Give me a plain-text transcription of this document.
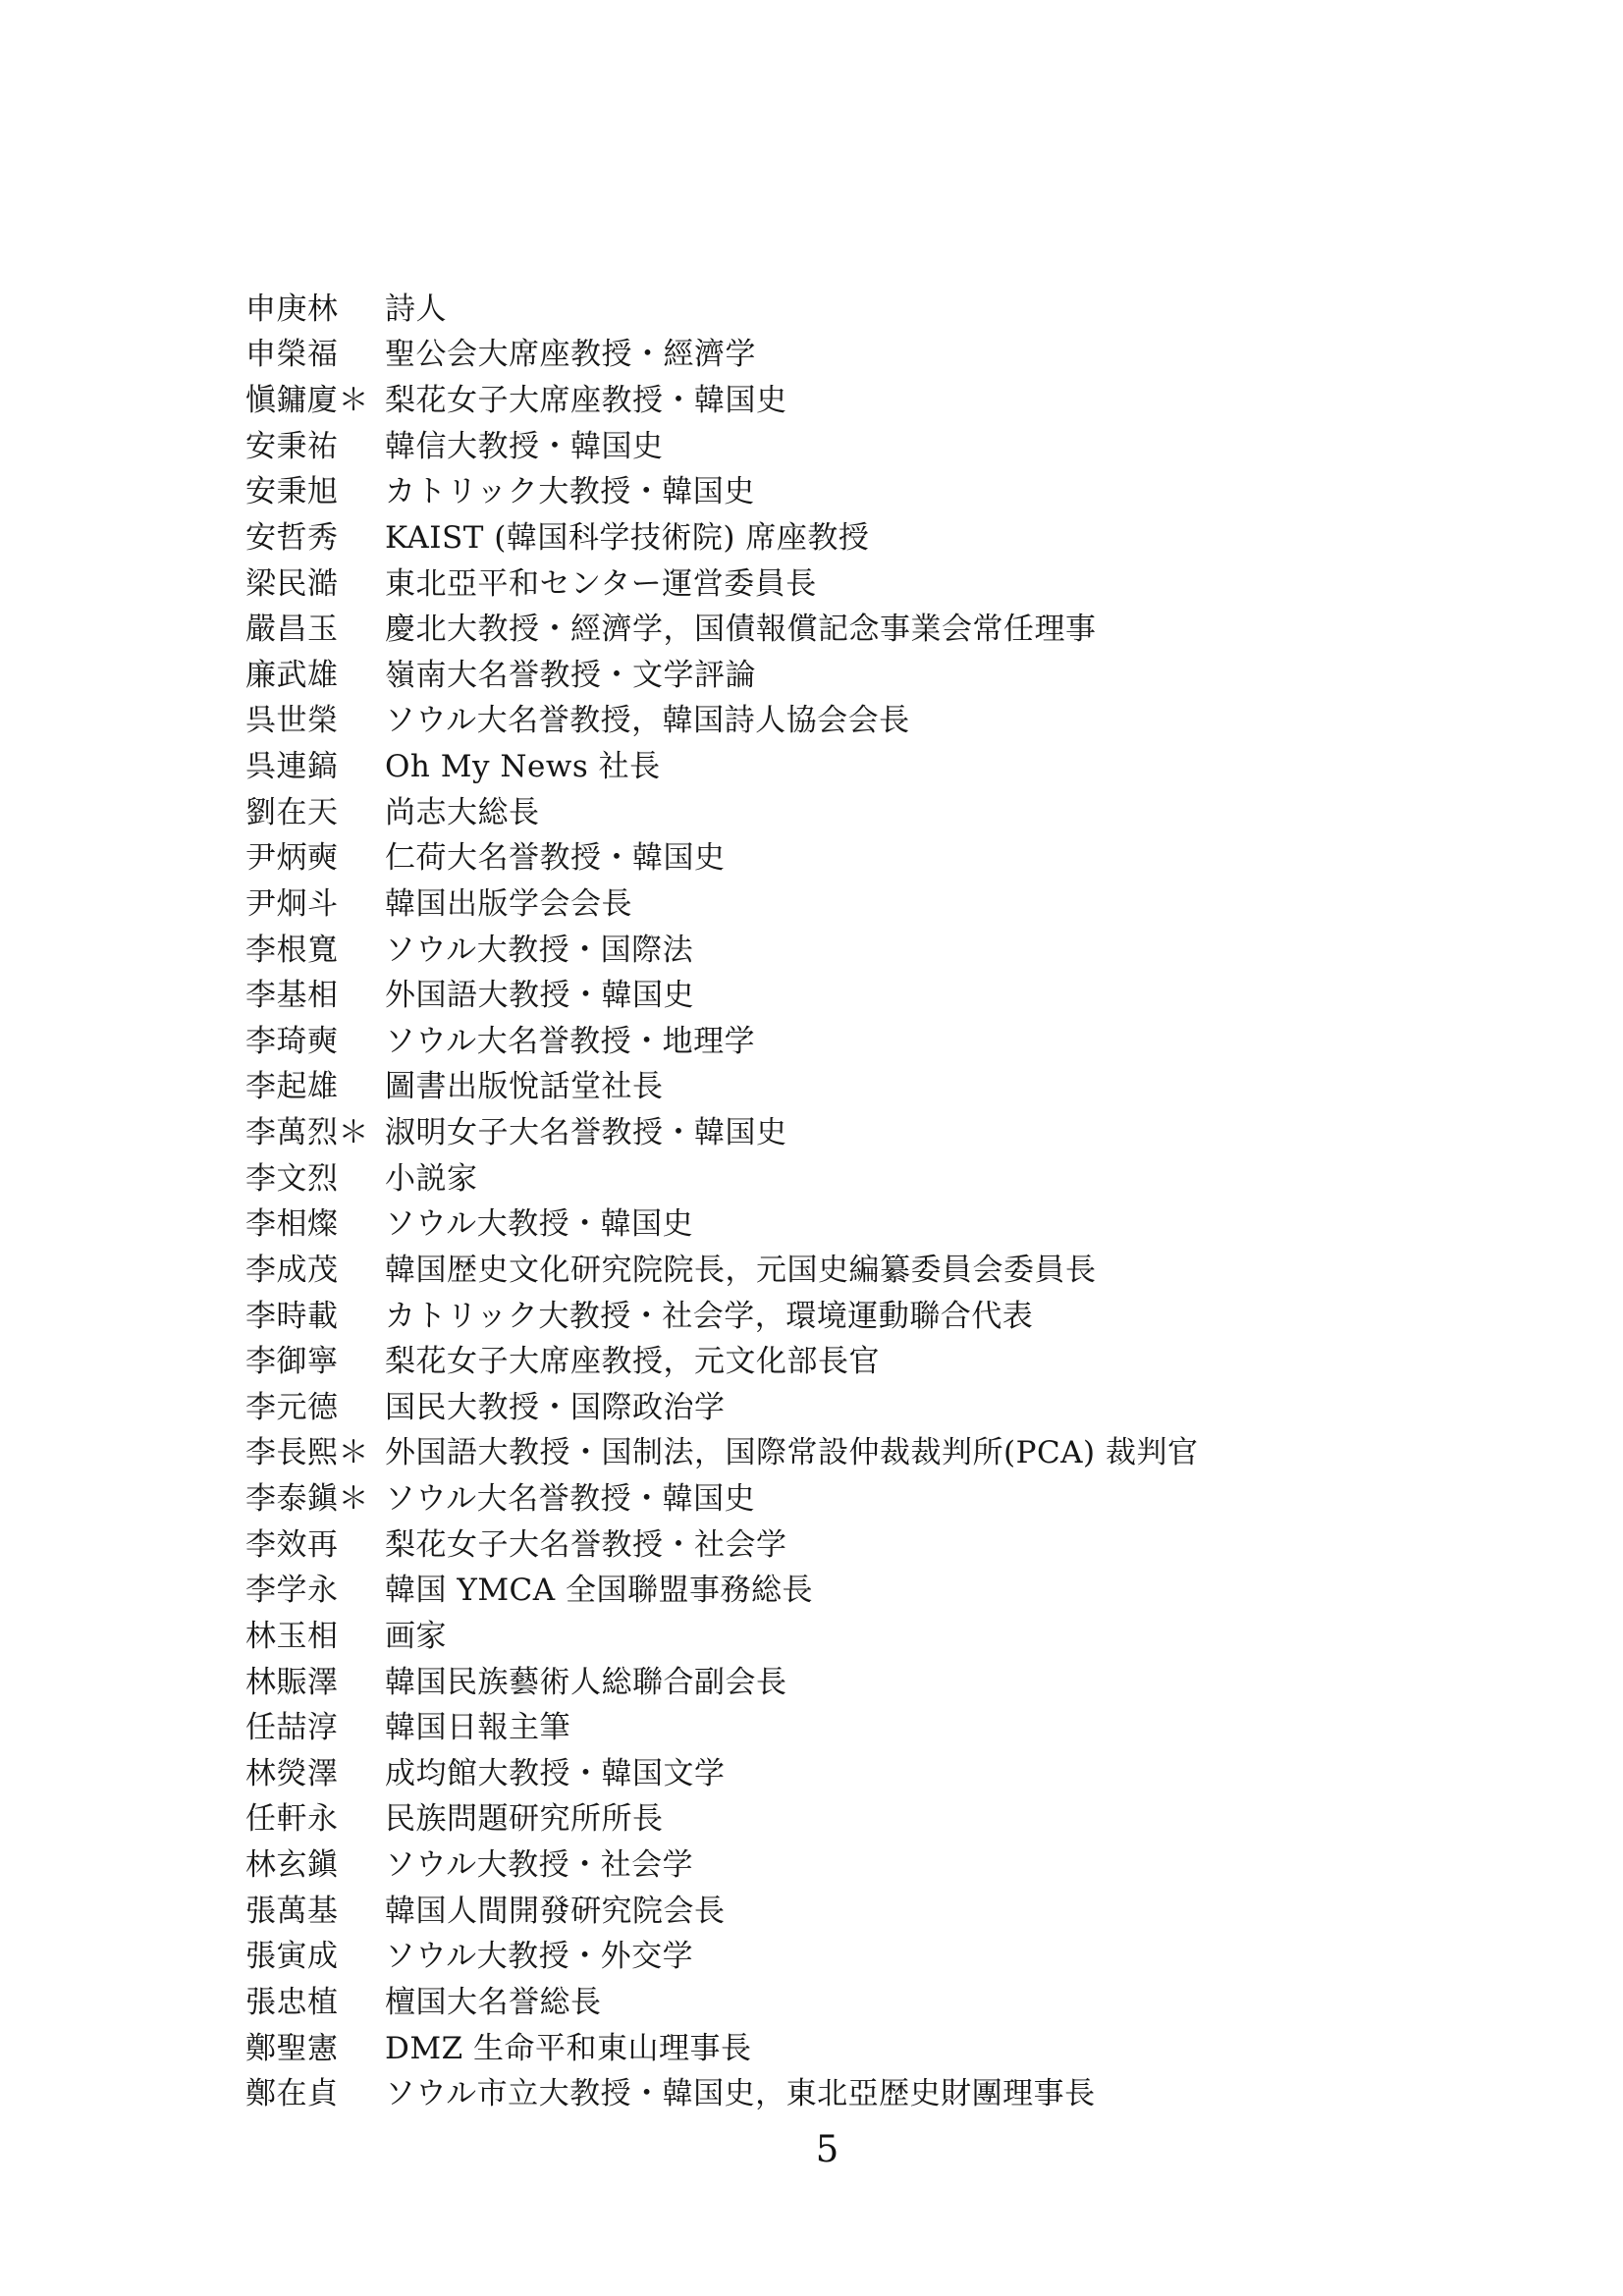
申庚林	詩人
申榮福	聖公会大席座教授・經濟学
愼鏞廈＊ 梨花女子大席座教授・韓国史
安秉祐	韓信大教授・韓国史
安秉旭	カトリック大教授・韓国史
安哲秀	KAIST (韓国科学技術院) 席座教授
梁民澔	東北亞平和センター運営委員長
嚴昌玉	慶北大教授・經濟学，国債報償記念事業会常任理事
廉武雄	嶺南大名誉教授・文学評論
呉世榮	ソウル大名誉教授，韓国詩人協会会長
呉連鎬	Oh My News 社長
劉在天	尚志大総長
尹炳奭	仁荷大名誉教授・韓国史
尹炯斗	韓国出版学会会長
李根寬	ソウル大教授・国際法
李基相	外国語大教授・韓国史
李琦奭	ソウル大名誉教授・地理学
李起雄	圖書出版悅話堂社長
李萬烈＊ 淑明女子大名誉教授・韓国史
李文烈	小説家
李相燦	ソウル大教授・韓国史
李成茂	韓国歴史文化研究院院長，元国史編纂委員会委員長
李時載	カトリック大教授・社会学，環境運動聯合代表
李御寧	梨花女子大席座教授，元文化部長官
李元德	国民大教授・国際政治学
李長熙＊ 外国語大教授・国制法，国際常設仲裁裁判所(PCA) 裁判官
李泰鎭＊ ソウル大名誉教授・韓国史
李效再	梨花女子大名誉教授・社会学
李学永	韓国 YMCA 全国聯盟事務総長
林玉相	画家
林賑澤	韓国民族藝術人総聯合副会長
任喆淳	韓国日報主筆
林熒澤	成均館大教授・韓国文学
任軒永	民族問題研究所所長
林玄鎭	ソウル大教授・社会学
張萬基	韓国人間開發硏究院会長
張寅成	ソウル大教授・外交学
張忠植	檀国大名誉総長
鄭聖憲	DMZ 生命平和東山理事長
鄭在貞	ソウル市立大教授・韓国史，東北亞歴史財團理事長
5
